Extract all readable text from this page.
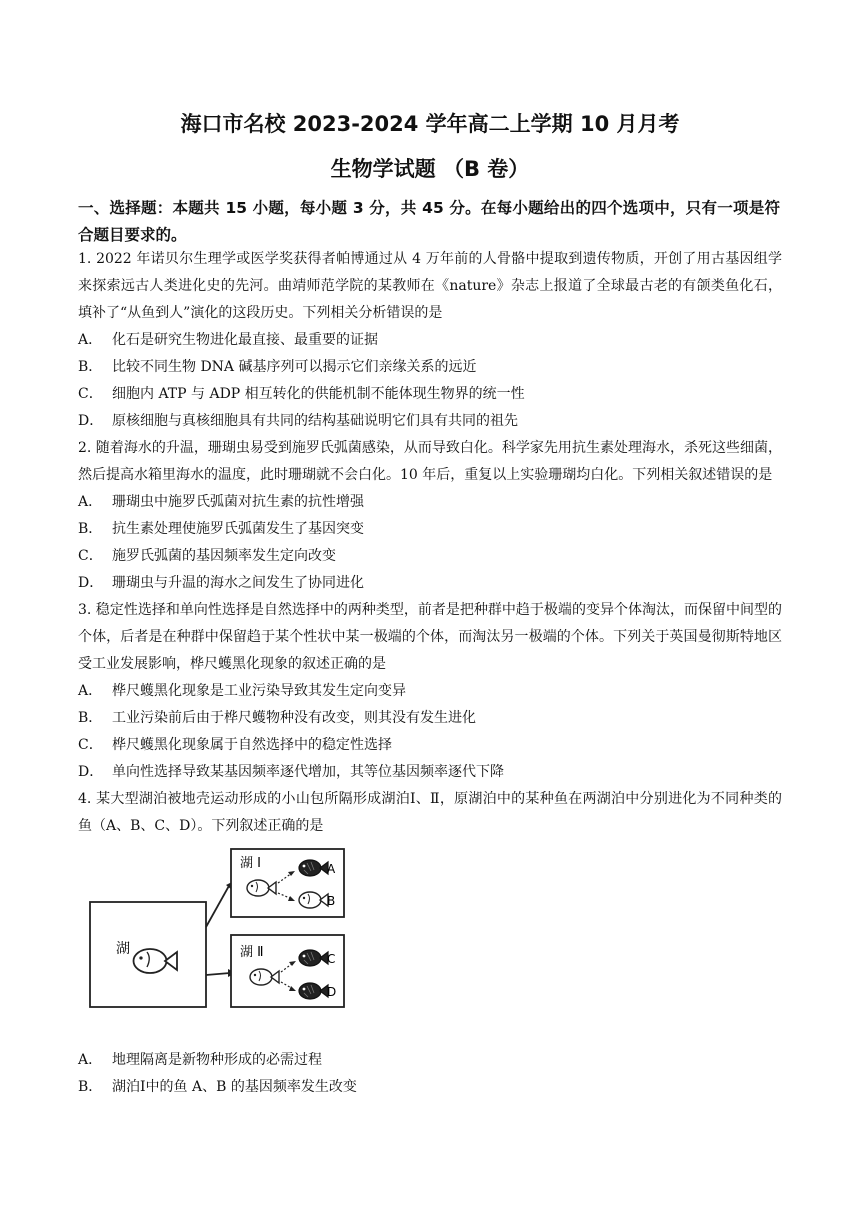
海口市名校 2023-2024 学年高二上学期 10 月月考
生物学试题 （B 卷）
一、选择题：本题共 15 小题，每小题 3 分，共 45 分。在每小题给出的四个选项中，只有一项是符合题目要求的。

1. 2022 年诺贝尔生理学或医学奖获得者帕博通过从 4 万年前的人骨骼中提取到遗传物质，开创了用古基因组学来探索远古人类进化史的先河。曲靖师范学院的某教师在《nature》杂志上报道了全球最古老的有颌类鱼化石，填补了“从鱼到人”演化的这段历史。下列相关分析错误的是

A． 化石是研究生物进化最直接、最重要的证据

B． 比较不同生物 DNA 碱基序列可以揭示它们亲缘关系的远近

C． 细胞内 ATP 与 ADP 相互转化的供能机制不能体现生物界的统一性

D． 原核细胞与真核细胞具有共同的结构基础说明它们具有共同的祖先

2. 随着海水的升温，珊瑚虫易受到施罗氏弧菌感染，从而导致白化。科学家先用抗生素处理海水，杀死这些细菌，然后提高水箱里海水的温度，此时珊瑚就不会白化。10 年后，重复以上实验珊瑚均白化。下列相关叙述错误的是

A． 珊瑚虫中施罗氏弧菌对抗生素的抗性增强

B． 抗生素处理使施罗氏弧菌发生了基因突变

C． 施罗氏弧菌的基因频率发生定向改变

D． 珊瑚虫与升温的海水之间发生了协同进化

3. 稳定性选择和单向性选择是自然选择中的两种类型，前者是把种群中趋于极端的变异个体淘汰，而保留中间型的个体，后者是在种群中保留趋于某个性状中某一极端的个体，而淘汰另一极端的个体。下列关于英国曼彻斯特地区受工业发展影响，桦尺蠖黑化现象的叙述正确的是

A． 桦尺蠖黑化现象是工业污染导致其发生定向变异

B． 工业污染前后由于桦尺蠖物种没有改变，则其没有发生进化

C． 桦尺蠖黑化现象属于自然选择中的稳定性选择

D． 单向性选择导致某基因频率逐代增加，其等位基因频率逐代下降

4. 某大型湖泊被地壳运动形成的小山包所隔形成湖泊Ⅰ、Ⅱ，原湖泊中的某种鱼在两湖泊中分别进化为不同种类的鱼（A、B、C、D）。下列叙述正确的是

湖
湖 Ⅰ	A
B
湖 Ⅱ	C
D

A． 地理隔离是新物种形成的必需过程

B． 湖泊Ⅰ中的鱼 A、B 的基因频率发生改变
